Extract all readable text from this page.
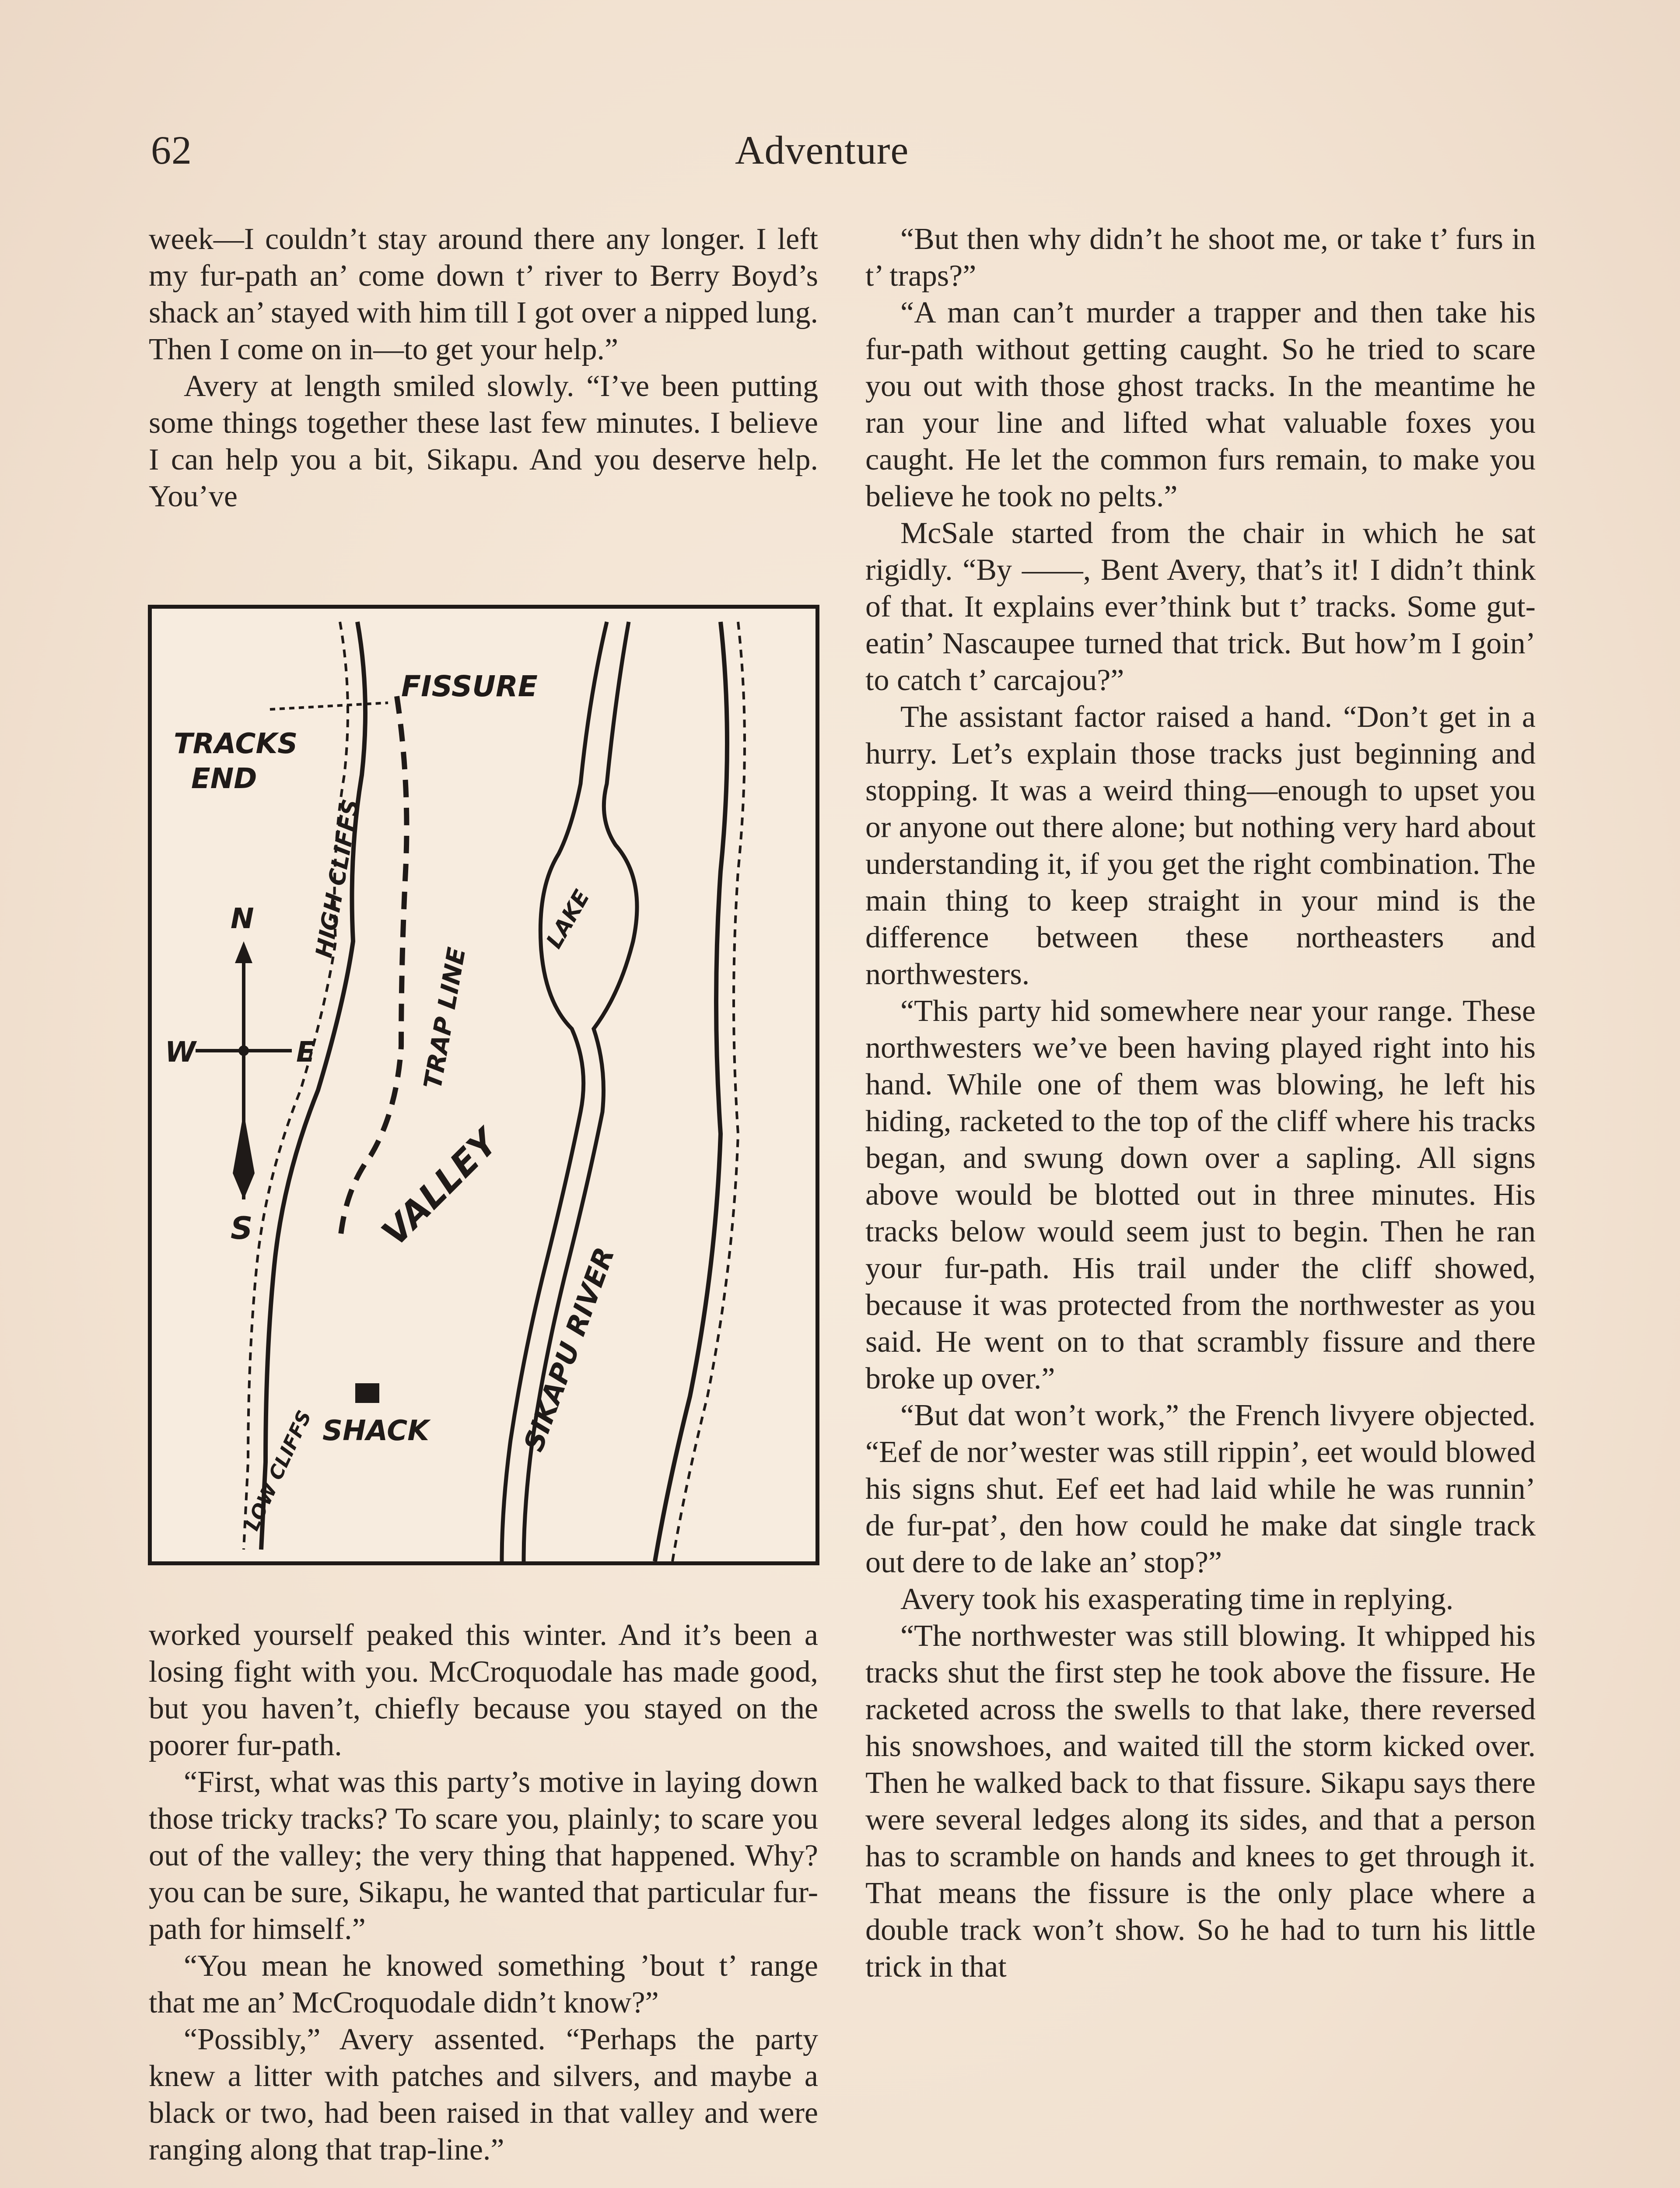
62	Adventure

week—I couldn’t stay around there any longer. I left my fur-path an’ come down t’ river to Berry Boyd’s shack an’ stayed with him till I got over a nipped lung. Then I come on in—to get your help.”

Avery at length smiled slowly. “I’ve been putting some things together these last few minutes. I believe I can help you a bit, Sikapu. And you deserve help. You’ve

FISSURE
TRACKS
END
HIGH CLIFFS
TRAP LINE
LAKE
N
W	E
S	VALLEY
SIKAPU RIVER
SHACK
LOW CLIFFS

worked yourself peaked this winter. And it’s been a losing fight with you. McCroquodale has made good, but you haven’t, chiefly because you stayed on the poorer fur-path.

“First, what was this party’s motive in laying down those tricky tracks? To scare you, plainly; to scare you out of the valley; the very thing that happened. Why? you can be sure, Sikapu, he wanted that particular fur-path for himself.”

“You mean he knowed something ’bout t’ range that me an’ McCroquodale didn’t know?”

“Possibly,” Avery assented. “Perhaps the party knew a litter with patches and silvers, and maybe a black or two, had been raised in that valley and were ranging along that trap-line.”

“But then why didn’t he shoot me, or take t’ furs in t’ traps?”

“A man can’t murder a trapper and then take his fur-path without getting caught. So he tried to scare you out with those ghost tracks. In the meantime he ran your line and lifted what valuable foxes you caught. He let the common furs remain, to make you believe he took no pelts.”

McSale started from the chair in which he sat rigidly. “By ——, Bent Avery, that’s it! I didn’t think of that. It explains ever’think but t’ tracks. Some gut-eatin’ Nascaupee turned that trick. But how’m I goin’ to catch t’ carcajou?”

The assistant factor raised a hand. “Don’t get in a hurry. Let’s explain those tracks just beginning and stopping. It was a weird thing—enough to upset you or anyone out there alone; but nothing very hard about understanding it, if you get the right combination. The main thing to keep straight in your mind is the difference between these northeasters and northwesters.

“This party hid somewhere near your range. These northwesters we’ve been having played right into his hand. While one of them was blowing, he left his hiding, racketed to the top of the cliff where his tracks began, and swung down over a sapling. All signs above would be blotted out in three minutes. His tracks below would seem just to begin. Then he ran your fur-path. His trail under the cliff showed, because it was protected from the northwester as you said. He went on to that scrambly fissure and there broke up over.”

“But dat won’t work,” the French livyere objected. “Eef de nor’wester was still rippin’, eet would blowed his signs shut. Eef eet had laid while he was runnin’ de fur-pat’, den how could he make dat single track out dere to de lake an’ stop?”

Avery took his exasperating time in replying.

“The northwester was still blowing. It whipped his tracks shut the first step he took above the fissure. He racketed across the swells to that lake, there reversed his snowshoes, and waited till the storm kicked over. Then he walked back to that fissure. Sikapu says there were several ledges along its sides, and that a person has to scramble on hands and knees to get through it. That means the fissure is the only place where a double track won’t show. So he had to turn his little trick in that
